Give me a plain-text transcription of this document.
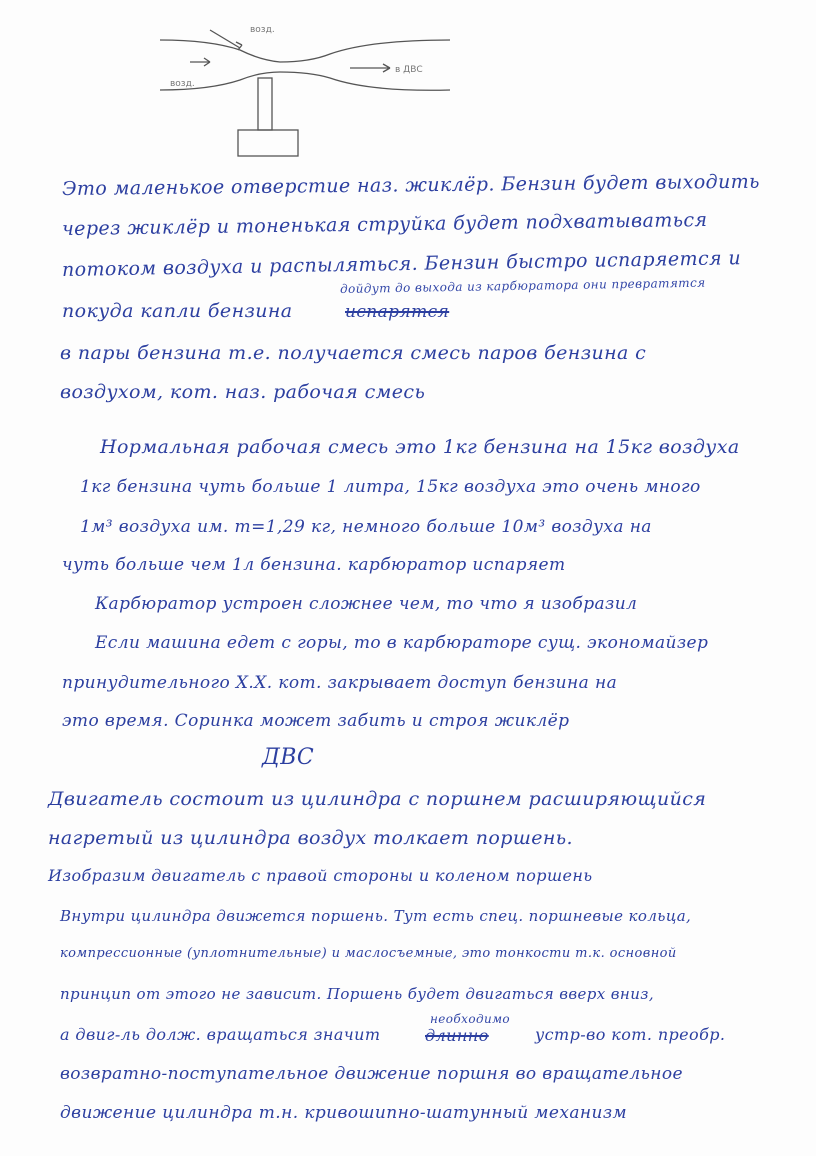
возд.
возд.
в ДВС
Это маленькое отверстие наз. жиклёр. Бензин будет выходить
через жиклёр и тоненькая струйка будет подхватываться
потоком воздуха и распыляться. Бензин быстро испаряется и
дойдут до выхода из карбюратора они превратятся
покуда капли бензина	испарятся
в пары бензина т.е. получается смесь паров бензина с
воздухом, кот. наз. рабочая смесь
Нормальная рабочая смесь это 1кг бензина на 15кг воздуха
1кг бензина чуть больше 1 литра, 15кг воздуха это очень много
1м³ воздуха им. m=1,29 кг, немного больше 10м³ воздуха на
чуть больше чем 1л бензина. карбюратор испаряет
Карбюратор устроен сложнее чем, то что я изобразил
Если машина едет с горы, то в карбюраторе сущ. экономайзер
принудительного Х.Х. кот. закрывает доступ бензина на
это время. Соринка может забить и строя жиклёр
ДВС
Двигатель состоит из цилиндра с поршнем расширяющийся
нагретый из цилиндра воздух толкает поршень.
Изобразим двигатель с правой стороны и коленом поршень
Внутри цилиндра движется поршень. Тут есть спец. поршневые кольца,
компрессионные (уплотнительные) и маслосъемные, это тонкости т.к. основной
принцип от этого не зависит. Поршень будет двигаться вверх вниз,
необходимо
а двиг-ль долж. вращаться значит	длинно	устр-во кот. преобр.
возвратно-поступательное движение поршня во вращательное
движение цилиндра т.н. кривошипно-шатунный механизм
